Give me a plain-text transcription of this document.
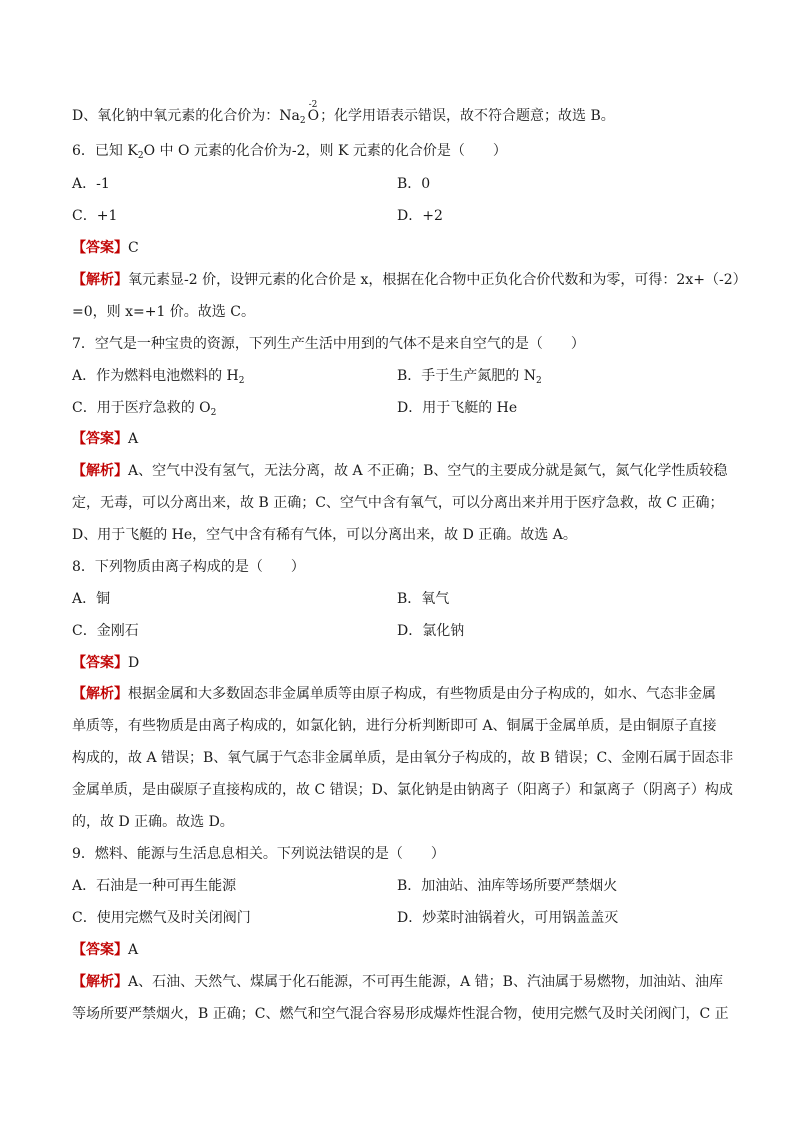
D、氧化钠中氧元素的化合价为：$Na_2$
-2
O；化学用语表示错误，故不符合题意；故选 B。
6．已知 $K_2O$ 中 O 元素的化合价为-2，则 K 元素的化合价是（　　）
A．-1	B．0
C．+1	D．+2
【答案】C
【解析】氧元素显-2 价，设钾元素的化合价是 x，根据在化合物中正负化合价代数和为零，可得：2x+（-2）
=0，则 x=+1 价。故选 C。
7．空气是一种宝贵的资源，下列生产生活中用到的气体不是来自空气的是（　　）
A．作为燃料电池燃料的 $H_2$	B．手于生产氮肥的 $N_2$
C．用于医疗急救的 $O_2$	D．用于飞艇的 He
【答案】A
【解析】A、空气中没有氢气，无法分离，故 A 不正确；B、空气的主要成分就是氮气，氮气化学性质较稳
定，无毒，可以分离出来，故 B 正确；C、空气中含有氧气，可以分离出来并用于医疗急救，故 C 正确；
D、用于飞艇的 He，空气中含有稀有气体，可以分离出来，故 D 正确。故选 A。
8．下列物质由离子构成的是（　　）
A．铜	B．氧气
C．金刚石	D．氯化钠
【答案】D
【解析】根据金属和大多数固态非金属单质等由原子构成，有些物质是由分子构成的，如水、气态非金属
单质等，有些物质是由离子构成的，如氯化钠，进行分析判断即可 A、铜属于金属单质，是由铜原子直接
构成的，故 A 错误；B、氧气属于气态非金属单质，是由氧分子构成的，故 B 错误；C、金刚石属于固态非
金属单质，是由碳原子直接构成的，故 C 错误；D、氯化钠是由钠离子（阳离子）和氯离子（阴离子）构成
的，故 D 正确。故选 D。
9．燃料、能源与生活息息相关。下列说法错误的是（　　）
A．石油是一种可再生能源	B．加油站、油库等场所要严禁烟火
C．使用完燃气及时关闭阀门	D．炒菜时油锅着火，可用锅盖盖灭
【答案】A
【解析】A、石油、天然气、煤属于化石能源，不可再生能源，A 错；B、汽油属于易燃物，加油站、油库
等场所要严禁烟火，B 正确；C、燃气和空气混合容易形成爆炸性混合物，使用完燃气及时关闭阀门，C 正
